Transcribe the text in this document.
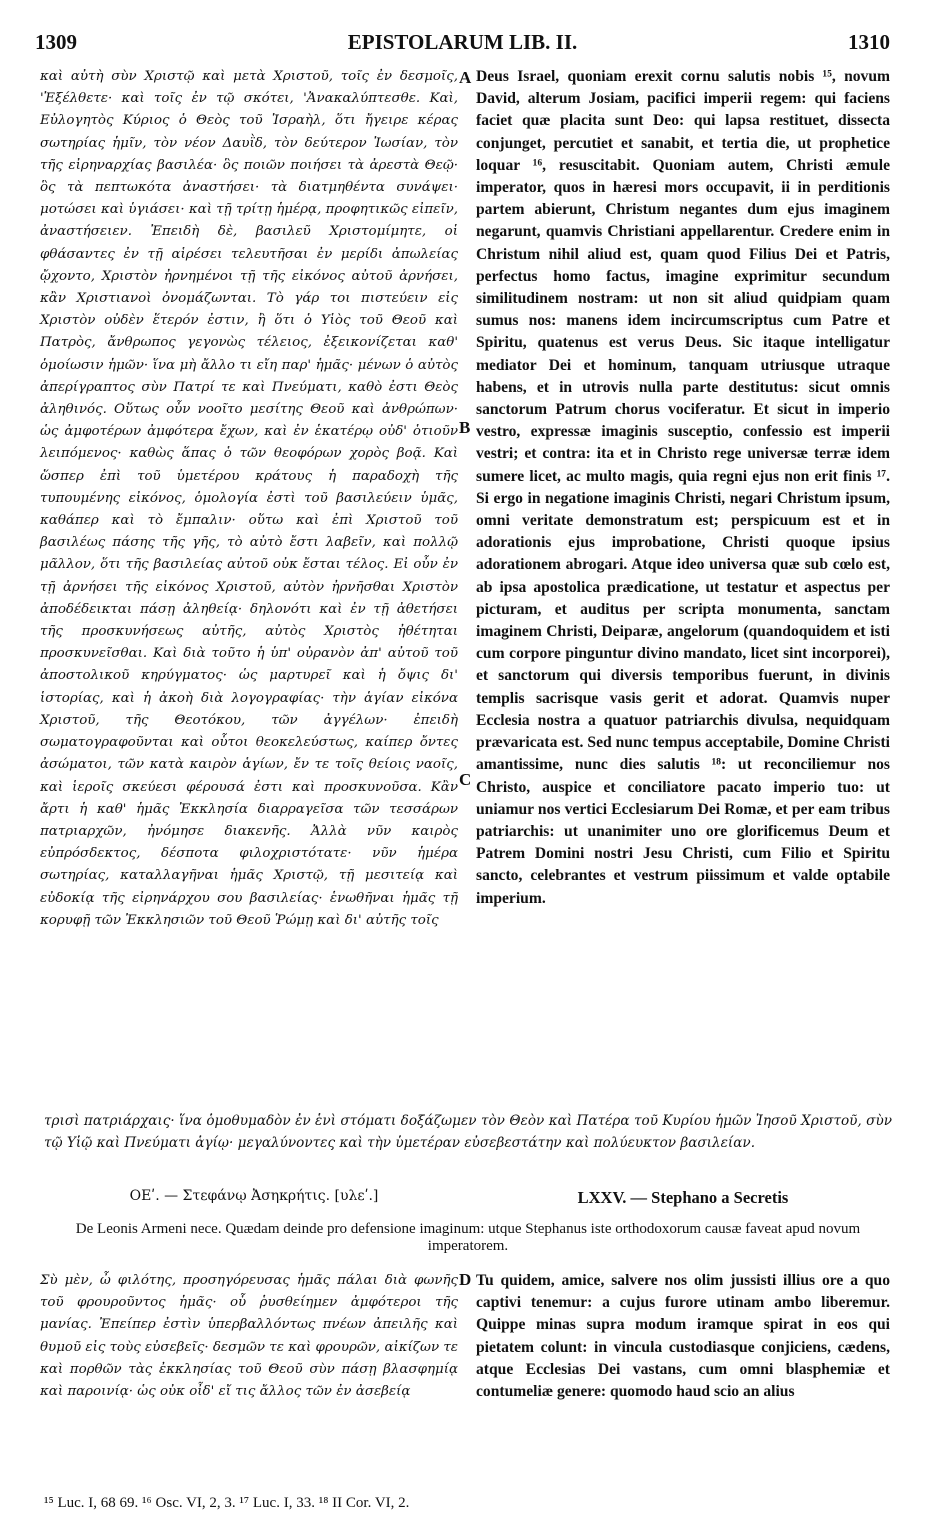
1309	EPISTOLARUM LIB. II.	1310

καὶ αὐτὴ σὺν Χριστῷ καὶ μετὰ Χριστοῦ, τοῖς ἐν δεσμοῖς, 'Ἐξέλθετε· καὶ τοῖς ἐν τῷ σκότει, 'Ἀνακαλύπτεσθε. Καὶ, Εὐλογητὸς Κύριος ὁ Θεὸς τοῦ Ἰσραὴλ, ὅτι ἤγειρε κέρας σωτηρίας ἡμῖν, τὸν νέον Δαυῒδ, τὸν δεύτερον Ἰωσίαν, τὸν τῆς εἰρηναρχίας βασιλέα· ὃς ποιῶν ποιήσει τὰ ἀρεστὰ Θεῷ· ὃς τὰ πεπτωκότα ἀναστήσει· τὰ διατμηθέντα συνάψει· μοτώσει καὶ ὑγιάσει· καὶ τῇ τρίτῃ ἡμέρᾳ, προφητικῶς εἰπεῖν, ἀναστήσειεν. Ἐπειδὴ δὲ, βασιλεῦ Χριστομίμητε, οἱ φθάσαντες ἐν τῇ αἱρέσει τελευτῆσαι ἐν μερίδι ἀπωλείας ᾤχοντο, Χριστὸν ἠρνημένοι τῇ τῆς εἰκόνος αὐτοῦ ἀρνήσει, κἂν Χριστιανοὶ ὀνομάζωνται. Τὸ γάρ τοι πιστεύειν εἰς Χριστὸν οὐδὲν ἕτερόν ἐστιν, ἢ ὅτι ὁ Υἱὸς τοῦ Θεοῦ καὶ Πατρὸς, ἄνθρωπος γεγονὼς τέλειος, ἐξεικονίζεται καθ' ὁμοίωσιν ἡμῶν· ἵνα μὴ ἄλλο τι εἴη παρ' ἡμᾶς· μένων ὁ αὐτὸς ἀπερίγραπτος σὺν Πατρί τε καὶ Πνεύματι, καθὸ ἐστι Θεὸς ἀληθινός. Οὕτως οὖν νοοῖτο μεσίτης Θεοῦ καὶ ἀνθρώπων· ὡς ἀμφοτέρων ἀμφότερα ἔχων, καὶ ἐν ἑκατέρῳ οὐδ' ὁτιοῦν λειπόμενος· καθὼς ἅπας ὁ τῶν θεοφόρων χορὸς βοᾷ. Καὶ ὥσπερ ἐπὶ τοῦ ὑμετέρου κράτους ἡ παραδοχὴ τῆς τυπουμένης εἰκόνος, ὁμολογία ἐστὶ τοῦ βασιλεύειν ὑμᾶς, καθάπερ καὶ τὸ ἔμπαλιν· οὕτω καὶ ἐπὶ Χριστοῦ τοῦ βασιλέως πάσης τῆς γῆς, τὸ αὐτὸ ἔστι λαβεῖν, καὶ πολλῷ μᾶλλον, ὅτι τῆς βασιλείας αὐτοῦ οὐκ ἔσται τέλος. Εἰ οὖν ἐν τῇ ἀρνήσει τῆς εἰκόνος Χριστοῦ, αὐτὸν ἠρνῆσθαι Χριστὸν ἀποδέδεικται πάσῃ ἀληθείᾳ· δηλονότι καὶ ἐν τῇ ἀθετήσει τῆς προσκυνήσεως αὐτῆς, αὐτὸς Χριστὸς ἠθέτηται προσκυνεῖσθαι. Καὶ διὰ τοῦτο ἡ ὑπ' οὐρανὸν ἀπ' αὐτοῦ τοῦ ἀποστολικοῦ κηρύγματος· ὡς μαρτυρεῖ καὶ ἡ ὄψις δι' ἱστορίας, καὶ ἡ ἀκοὴ διὰ λογογραφίας· τὴν ἁγίαν εἰκόνα Χριστοῦ, τῆς Θεοτόκου, τῶν ἀγγέλων· ἐπειδὴ σωματογραφοῦνται καὶ οὗτοι θεοκελεύστως, καίπερ ὄντες ἀσώματοι, τῶν κατὰ καιρὸν ἁγίων, ἔν τε τοῖς θείοις ναοῖς, καὶ ἱεροῖς σκεύεσι φέρουσά ἐστι καὶ προσκυνοῦσα. Κἂν ἄρτι ἡ καθ' ἡμᾶς Ἐκκλησία διαρραγεῖσα τῶν τεσσάρων πατριαρχῶν, ἠνόμησε διακενῆς. Ἀλλὰ νῦν καιρὸς εὐπρόσδεκτος, δέσποτα φιλοχριστότατε· νῦν ἡμέρα σωτηρίας, καταλλαγῆναι ἡμᾶς Χριστῷ, τῇ μεσιτείᾳ καὶ εὐδοκίᾳ τῆς εἰρηνάρχου σου βασιλείας· ἑνωθῆναι ἡμᾶς τῇ κορυφῇ τῶν Ἐκκλησιῶν τοῦ Θεοῦ Ῥώμῃ καὶ δι' αὐτῆς τοῖς

Deus Israel, quoniam erexit cornu salutis nobis ¹⁵, novum David, alterum Josiam, pacifici imperii regem: qui faciens faciet quæ placita sunt Deo: qui lapsa restituet, dissecta conjunget, percutiet et sanabit, et tertia die, ut prophetice loquar ¹⁶, resuscitabit. Quoniam autem, Christi æmule imperator, quos in hæresi mors occupavit, ii in perditionis partem abierunt, Christum negantes dum ejus imaginem negarunt, quamvis Christiani appellarentur. Credere enim in Christum nihil aliud est, quam quod Filius Dei et Patris, perfectus homo factus, imagine exprimitur secundum similitudinem nostram: ut non sit aliud quidpiam quam sumus nos: manens idem incircumscriptus cum Patre et Spiritu, quatenus est verus Deus. Sic itaque intelligatur mediator Dei et hominum, tanquam utriusque utraque habens, et in utrovis nulla parte destitutus: sicut omnis sanctorum Patrum chorus vociferatur. Et sicut in imperio vestro, expressæ imaginis susceptio, confessio est imperii vestri; et contra: ita et in Christo rege universæ terræ idem sumere licet, ac multo magis, quia regni ejus non erit finis ¹⁷. Si ergo in negatione imaginis Christi, negari Christum ipsum, omni veritate demonstratum est; perspicuum est et in adorationis ejus improbatione, Christi quoque ipsius adorationem abrogari. Atque ideo universa quæ sub cœlo est, ab ipsa apostolica prædicatione, ut testatur et aspectus per picturam, et auditus per scripta monumenta, sanctam imaginem Christi, Deiparæ, angelorum (quandoquidem et isti cum corpore pinguntur divino mandato, licet sint incorporei), et sanctorum qui diversis temporibus fuerunt, in divinis templis sacrisque vasis gerit et adorat. Quamvis nuper Ecclesia nostra a quatuor patriarchis divulsa, nequidquam prævaricata est. Sed nunc tempus acceptabile, Domine Christi amantissime, nunc dies salutis ¹⁸: ut reconciliemur nos Christo, auspice et conciliatore pacato imperio tuo: ut uniamur nos vertici Ecclesiarum Dei Romæ, et per eam tribus patriarchis: ut unanimiter uno ore glorificemus Deum et Patrem Domini nostri Jesu Christi, cum Filio et Spiritu sancto, celebrantes et vestrum piissimum et valde optabile imperium.

A
B
C
D

τρισὶ πατριάρχαις· ἵνα ὁμοθυμαδὸν ἐν ἑνὶ στόματι δοξάζωμεν τὸν Θεὸν καὶ Πατέρα τοῦ Κυρίου ἡμῶν Ἰησοῦ Χριστοῦ, σὺν τῷ Υἱῷ καὶ Πνεύματι ἁγίῳ· μεγαλύνοντες καὶ τὴν ὑμετέραν εὐσεβεστάτην καὶ πολύευκτον βασιλείαν.

ΟΕʹ. — Στεφάνῳ Ἀσηκρήτις. [υλεʹ.]	LXXV. — Stephano a Secretis
De Leonis Armeni nece. Quædam deinde pro defensione imaginum: utque Stephanus iste orthodoxorum causæ faveat apud novum imperatorem.

Σὺ μὲν, ὦ φιλότης, προσηγόρευσας ἡμᾶς πάλαι διὰ φωνῆς τοῦ φρουροῦντος ἡμᾶς· οὗ ῥυσθείημεν ἀμφότεροι τῆς μανίας. Ἐπείπερ ἐστὶν ὑπερβαλλόντως πνέων ἀπειλῆς καὶ θυμοῦ εἰς τοὺς εὐσεβεῖς· δεσμῶν τε καὶ φρουρῶν, αἰκίζων τε καὶ πορθῶν τὰς ἐκκλησίας τοῦ Θεοῦ σὺν πάσῃ βλασφημίᾳ καὶ παροινίᾳ· ὡς οὐκ οἶδ' εἴ τις ἄλλος τῶν ἐν ἀσεβείᾳ

Tu quidem, amice, salvere nos olim jussisti illius ore a quo captivi tenemur: a cujus furore utinam ambo liberemur. Quippe minas supra modum iramque spirat in eos qui pietatem colunt: in vincula custodiasque conjiciens, cædens, atque Ecclesias Dei vastans, cum omni blasphemiæ et contumeliæ genere: quomodo haud scio an alius

¹⁵ Luc. I, 68 69. ¹⁶ Osc. VI, 2, 3. ¹⁷ Luc. I, 33. ¹⁸ II Cor. VI, 2.
